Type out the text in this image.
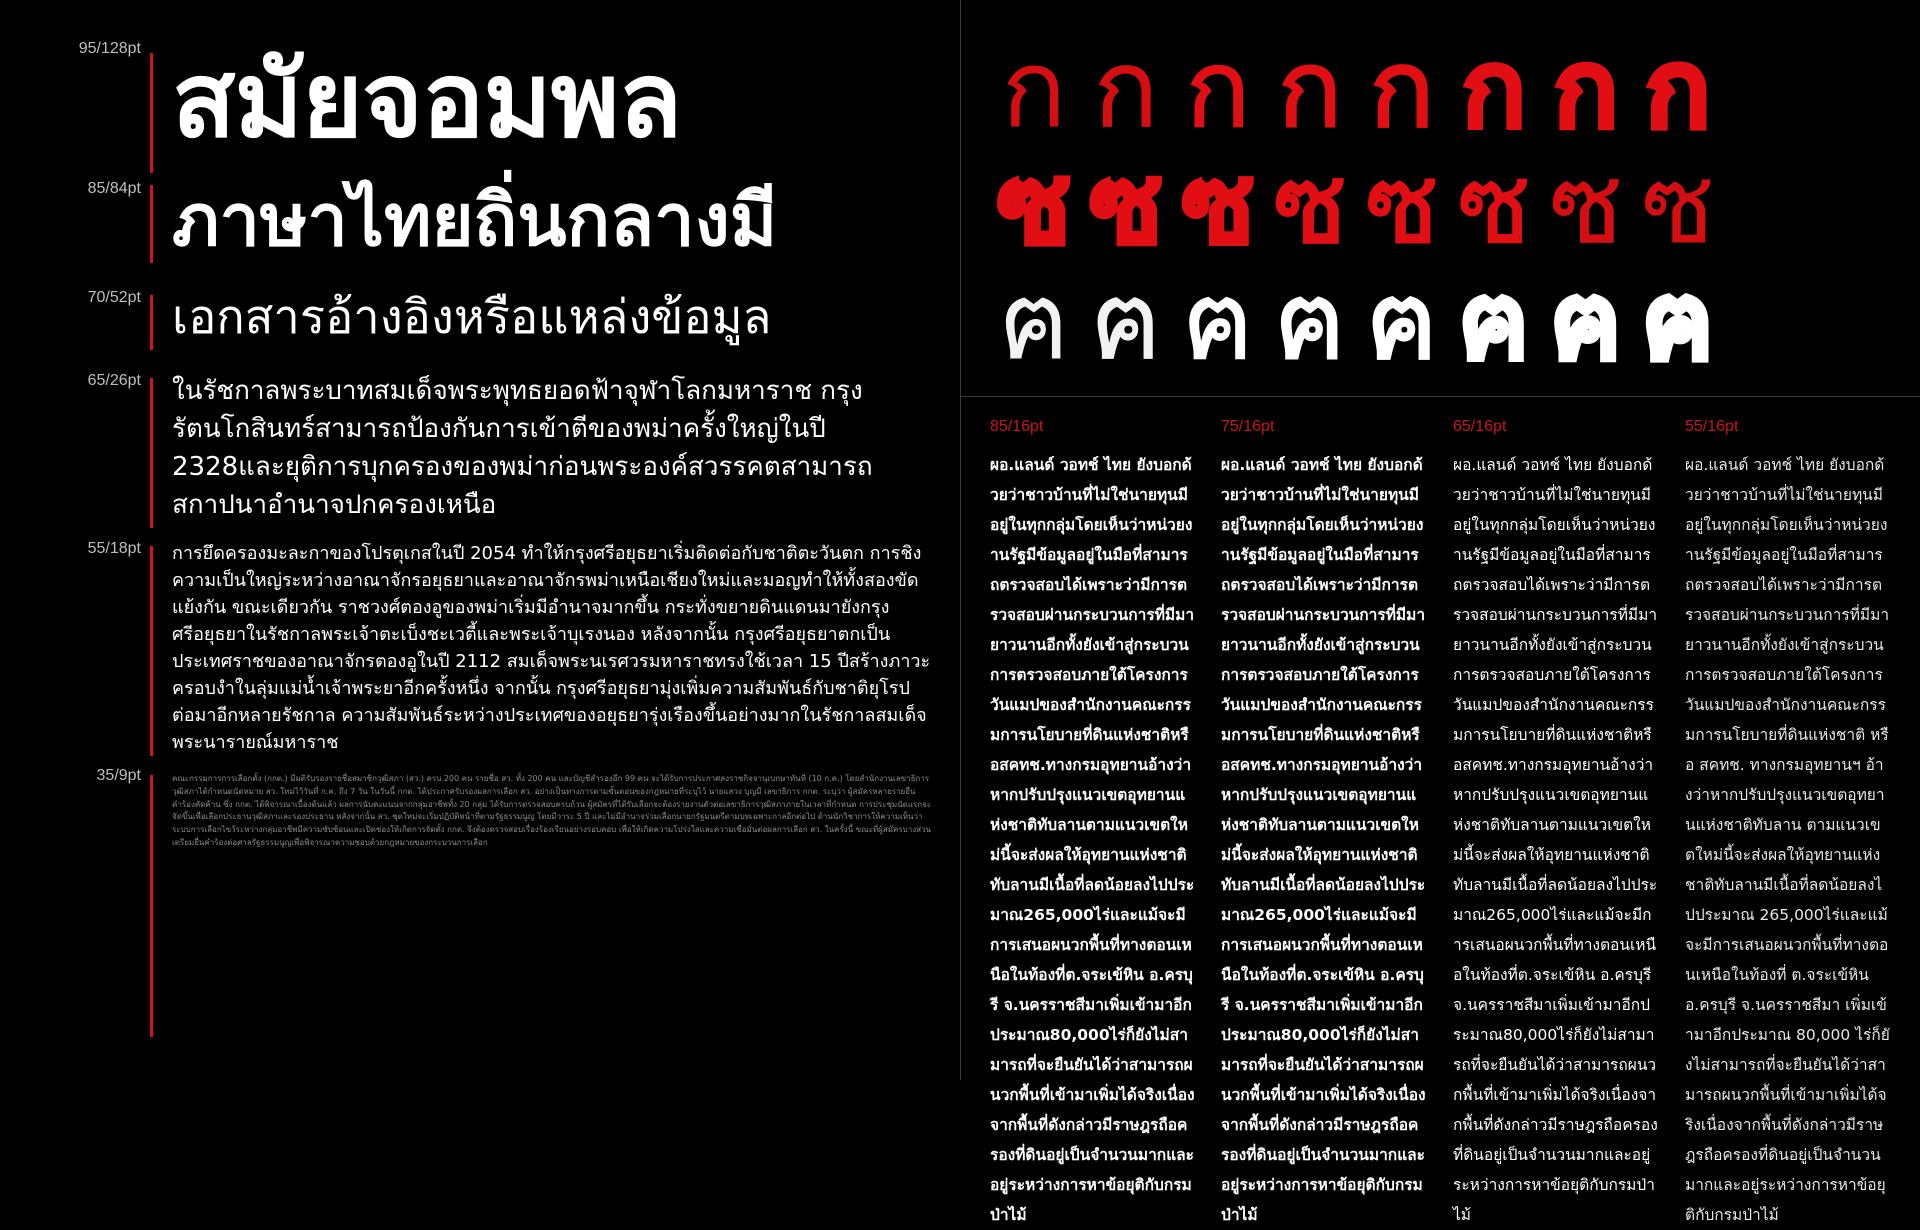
95/128pt สมัยจอมพล
85/84pt ภาษาไทยถิ่นกลางมี
70/52pt เอกสารอ้างอิงหรือแหล่งข้อมูล
65/26pt ในรัชกาลพระบาทสมเด็จพระพุทธยอดฟ้าจุฬาโลกมหาราช กรุงรัตนโกสินทร์สามารถป้องกันการเข้าตีของพม่าครั้งใหญ่ในปี 2328และยุติการบุกครองของพม่าก่อนพระองค์สวรรคตสามารถสกาปนาอำนาจปกครองเหนือ
55/18pt การยึดครองมะละกาของโปรตุเกสในปี 2054 ทำให้กรุงศรีอยุธยาเริ่มติดต่อกับชาติตะวันตก การชิงความเป็นใหญ่ระหว่างอาณาจักรอยุธยาและอาณาจักรพม่าเหนือเชียงใหม่และมอญทำให้ทั้งสองขัดแย้งกัน ขณะเดียวกัน ราชวงศ์ตองอูของพม่าเริ่มมีอำนาจมากขึ้น กระทั่งขยายดินแดนมายังกรุงศรีอยุธยาในรัชกาลพระเจ้าตะเบ็งชะเวตี้และพระเจ้าบุเรงนอง หลังจากนั้น กรุงศรีอยุธยาตกเป็นประเทศราชของอาณาจักรตองอูในปี 2112 สมเด็จพระนเรศวรมหาราชทรงใช้เวลา 15 ปีสร้างภาวะครอบงำในลุ่มแม่น้ำเจ้าพระยาอีกครั้งหนึ่ง จากนั้น กรุงศรีอยุธยามุ่งเพิ่มความสัมพันธ์กับชาติยุโรปต่อมาอีกหลายรัชกาล ความสัมพันธ์ระหว่างประเทศของอยุธยารุ่งเรืองขึ้นอย่างมากในรัชกาลสมเด็จพระนารายณ์มหาราช
35/9pt	คณะกรรมการการเลือกตั้ง (กกต.) มีมติรับรองรายชื่อสมาชิกวุฒิสภา (สว.) ครบ 200 คน รายชื่อ สว. ทั้ง 200 คน และบัญชีสำรองอีก 99 คน จะได้รับการประกาศลงราชกิจจานุเบกษาทันที (10 ก.ค.) โดยสำนักงานเลขาธิการวุฒิสภาได้กำหนดนัดหมาย สว. ใหม่ไว้วันที่ ก.ค. ถึง 7 วัน ในวันนี้ กกต. ได้ประกาศรับรองผลการเลือก สว. อย่างเป็นทางการตามขั้นตอนของกฎหมายที่ระบุไว้ นายแสวง บุญมี เลขาธิการ กกต. ระบุว่า ผู้สมัครหลายรายยื่นคำร้องคัดค้าน ซึ่ง กกต. ได้พิจารณาเบื้องต้นแล้ว ผลการนับคะแนนจากกลุ่มอาชีพทั้ง 20 กลุ่ม ได้รับการตรวจสอบครบถ้วน ผู้สมัครที่ได้รับเลือกจะต้องรายงานตัวต่อเลขาธิการวุฒิสภาภายในเวลาที่กำหนด การประชุมนัดแรกจะจัดขึ้นเพื่อเลือกประธานวุฒิสภาและรองประธาน หลังจากนั้น สว. ชุดใหม่จะเริ่มปฏิบัติหน้าที่ตามรัฐธรรมนูญ โดยมีวาระ 5 ปี และไม่มีอำนาจร่วมเลือกนายกรัฐมนตรีตามบทเฉพาะกาลอีกต่อไป ด้านนักวิชาการให้ความเห็นว่า ระบบการเลือกไขว้ระหว่างกลุ่มอาชีพมีความซับซ้อนและเปิดช่องให้เกิดการจัดตั้ง กกต. จึงต้องตรวจสอบเรื่องร้องเรียนอย่างรอบคอบ เพื่อให้เกิดความโปร่งใสและความเชื่อมั่นต่อผลการเลือก สว. ในครั้งนี้ ขณะที่ผู้สมัครบางส่วนเตรียมยื่นคำร้องต่อศาลรัฐธรรมนูญเพื่อพิจารณาความชอบด้วยกฎหมายของกระบวนการเลือก
ก ก ก ก ก ก ก ก
ซ ซ ซ ซ ซ ซ ซ ซ
ฅ ฅ ฅ ฅ ฅ ฅ ฅ ฅ
85/16pt
ผอ.แลนด์ วอทช์ ไทย ยังบอกด้วยว่าชาวบ้านที่ไม่ใช่นายทุนมีอยู่ในทุกกลุ่มโดยเห็นว่าหน่วยงานรัฐมีข้อมูลอยู่ในมือที่สามารถตรวจสอบได้เพราะว่ามีการตรวจสอบผ่านกระบวนการที่มีมายาวนานอีกทั้งยังเข้าสู่กระบวนการตรวจสอบภายใต้โครงการวันแมปของสำนักงานคณะกรรมการนโยบายที่ดินแห่งชาติหรือสคทช.ทางกรมอุทยานอ้างว่าหากปรับปรุงแนวเขตอุทยานแห่งชาติทับลานตามแนวเขตใหม่นี้จะส่งผลให้อุทยานแห่งชาติทับลานมีเนื้อที่ลดน้อยลงไปประมาณ265,000ไร่และแม้จะมีการเสนอผนวกพื้นที่ทางตอนเหนือในท้องที่ต.จระเข้หิน อ.ครบุรี จ.นครราชสีมาเพิ่มเข้ามาอีกประมาณ80,000ไร่ก็ยังไม่สามารถที่จะยืนยันได้ว่าสามารถผนวกพื้นที่เข้ามาเพิ่มได้จริงเนื่องจากพื้นที่ดังกล่าวมีราษฎรถือครองที่ดินอยู่เป็นจำนวนมากและอยู่ระหว่างการหาข้อยุติกับกรมป่าไม้
75/16pt
ผอ.แลนด์ วอทช์ ไทย ยังบอกด้วยว่าชาวบ้านที่ไม่ใช่นายทุนมีอยู่ในทุกกลุ่มโดยเห็นว่าหน่วยงานรัฐมีข้อมูลอยู่ในมือที่สามารถตรวจสอบได้เพราะว่ามีการตรวจสอบผ่านกระบวนการที่มีมายาวนานอีกทั้งยังเข้าสู่กระบวนการตรวจสอบภายใต้โครงการวันแมปของสำนักงานคณะกรรมการนโยบายที่ดินแห่งชาติหรือสคทช.ทางกรมอุทยานอ้างว่าหากปรับปรุงแนวเขตอุทยานแห่งชาติทับลานตามแนวเขตใหม่นี้จะส่งผลให้อุทยานแห่งชาติทับลานมีเนื้อที่ลดน้อยลงไปประมาณ265,000ไร่และแม้จะมีการเสนอผนวกพื้นที่ทางตอนเหนือในท้องที่ต.จระเข้หิน อ.ครบุรี จ.นครราชสีมาเพิ่มเข้ามาอีกประมาณ80,000ไร่ก็ยังไม่สามารถที่จะยืนยันได้ว่าสามารถผนวกพื้นที่เข้ามาเพิ่มได้จริงเนื่องจากพื้นที่ดังกล่าวมีราษฎรถือครองที่ดินอยู่เป็นจำนวนมากและอยู่ระหว่างการหาข้อยุติกับกรมป่าไม้
65/16pt
ผอ.แลนด์ วอทช์ ไทย ยังบอกด้วยว่าชาวบ้านที่ไม่ใช่นายทุนมีอยู่ในทุกกลุ่มโดยเห็นว่าหน่วยงานรัฐมีข้อมูลอยู่ในมือที่สามารถตรวจสอบได้เพราะว่ามีการตรวจสอบผ่านกระบวนการที่มีมายาวนานอีกทั้งยังเข้าสู่กระบวนการตรวจสอบภายใต้โครงการวันแมปของสำนักงานคณะกรรมการนโยบายที่ดินแห่งชาติหรือสคทช.ทางกรมอุทยานอ้างว่าหากปรับปรุงแนวเขตอุทยานแห่งชาติทับลานตามแนวเขตใหม่นี้จะส่งผลให้อุทยานแห่งชาติทับลานมีเนื้อที่ลดน้อยลงไปประมาณ265,000ไร่และแม้จะมีการเสนอผนวกพื้นที่ทางตอนเหนือในท้องที่ต.จระเข้หิน อ.ครบุรี จ.นครราชสีมาเพิ่มเข้ามาอีกประมาณ80,000ไร่ก็ยังไม่สามารถที่จะยืนยันได้ว่าสามารถผนวกพื้นที่เข้ามาเพิ่มได้จริงเนื่องจากพื้นที่ดังกล่าวมีราษฎรถือครองที่ดินอยู่เป็นจำนวนมากและอยู่ระหว่างการหาข้อยุติกับกรมป่าไม้
55/16pt
ผอ.แลนด์ วอทช์ ไทย ยังบอกด้วยว่าชาวบ้านที่ไม่ใช่นายทุนมีอยู่ในทุกกลุ่มโดยเห็นว่าหน่วยงานรัฐมีข้อมูลอยู่ในมือที่สามารถตรวจสอบได้เพราะว่ามีการตรวจสอบผ่านกระบวนการที่มีมายาวนานอีกทั้งยังเข้าสู่กระบวนการตรวจสอบภายใต้โครงการวันแมปของสำนักงานคณะกรรมการนโยบายที่ดินแห่งชาติ หรือ สคทช. ทางกรมอุทยานฯ อ้างว่าหากปรับปรุงแนวเขตอุทยานแห่งชาติทับลาน ตามแนวเขตใหม่นี้จะส่งผลให้อุทยานแห่งชาติทับลานมีเนื้อที่ลดน้อยลงไปประมาณ 265,000ไร่และแม้จะมีการเสนอผนวกพื้นที่ทางตอนเหนือในท้องที่ ต.จระเข้หิน อ.ครบุรี จ.นครราชสีมา เพิ่มเข้ามาอีกประมาณ 80,000 ไร่ก็ยังไม่สามารถที่จะยืนยันได้ว่าสามารถผนวกพื้นที่เข้ามาเพิ่มได้จริงเนื่องจากพื้นที่ดังกล่าวมีราษฎรถือครองที่ดินอยู่เป็นจำนวนมากและอยู่ระหว่างการหาข้อยุติกับกรมป่าไม้
